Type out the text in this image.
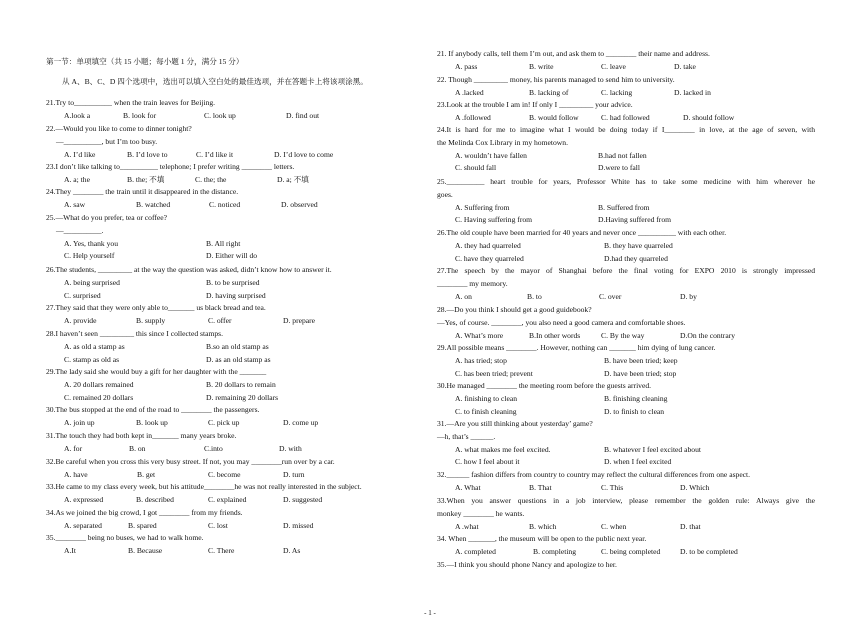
第一节：单项填空（共 15 小题；每小题 1 分，满分 15 分）
从 A、B、C、D 四个选项中，选出可以填入空白处的最佳选项，并在答题卡上将该项涂黑。
21.Try to__________ when the train leaves for Beijing.
A.look a	B. look for	C. look up	D. find out
22.—Would you like to come to dinner tonight?
—__________, but I’m too busy.
A. I’d like	B. I’d love to	C. I’d like it	D. I’d love to come
23.I don’t like talking to__________ telephone; I prefer writing ________ letters.
A. a; the	B. the; 不填	C. the; the	D. a; 不填
24.They ________ the train until it disappeared in the distance.
A. saw	B. watched	C. noticed	D. observed
25.—What do you prefer, tea or coffee?
—__________.
A. Yes, thank you	B. All right
C. Help yourself	D. Either will do
26.The students, _________ at the way the question was asked, didn’t know how to answer it.
A. being surprised	B. to be surprised
C. surprised	D. having surprised
27.They said that they were only able to_______ us black bread and tea.
A. provide	B. supply	C. offer	D. prepare
28.I haven’t seen _________ this since I collected stamps.
A. as old a stamp as	B.so an old stamp as
C. stamp as old as	D. as an old stamp as
29.The lady said she would buy a gift for her daughter with the _______
A. 20 dollars remained	B. 20 dollars to remain
C. remained 20 dollars	D. remaining 20 dollars
30.The bus stopped at the end of the road to ________ the passengers.
A. join up	B. look up	C. pick up	D. come up
31.The touch they had both kept in_______ many years broke.
A. for	B. on	C.into	D. with
32.Be careful when you cross this very busy street. If not, you may ________run over by a car.
A. have	B. get	C. become	D. turn
33.He came to my class every week, but his attitude________he was not really interested in the subject.
A. expressed	B. described	C. explained	D. suggested
34.As we joined the big crowd, I got ________ from my friends.
A. separated	B. spared	C. lost	D. missed
35.________ being no buses, we had to walk home.
A.It	B. Because	C. There	D. As
21. If anybody calls, tell them I’m out, and ask them to ________ their name and address.
A. pass	B. write	C. leave	D. take
22. Though _________ money, his parents managed to send him to university.
A .lacked	B. lacking of	C. lacking	D. lacked in
23.Look at the trouble I am in! If only I _________ your advice.
A .followed	B. would follow	C. had followed	D. should follow
24.It is hard for me to imagine what I would be doing today if I________ in love, at the age of seven, with
the Melinda Cox Library in my hometown.
A. wouldn’t have fallen	B.had not fallen
C. should fall	D.were to fall
25.__________ heart trouble for years, Professor White has to take some medicine with him wherever he
goes.
A. Suffering from	B. Suffered from
C. Having suffering from	D.Having suffered from
26.The old couple have been married for 40 years and never once __________ with each other.
A. they had quarreled	B. they have quarreled
C. have they quarreled	D.had they quarreled
27.The speech by the mayor of Shanghai before the final voting for EXPO 2010 is strongly impressed
________ my memory.
A. on	B. to	C. over	D. by
28.—Do you think I should get a good guidebook?
—Yes, of course. ________, you also need a good camera and comfortable shoes.
A. What’s more	B.In other words	C. By the way	D.On the contrary
29.All possible means ________. However, nothing can _______ him dying of lung cancer.
A. has tried; stop	B. have been tried; keep
C. has been tried; prevent	D. have been tried; stop
30.He managed ________ the meeting room before the guests arrived.
A. finishing to clean	B. finishing cleaning
C. to finish cleaning	D. to finish to clean
31.—Are you still thinking about yesterday’ game?
—h, that’s ______.
A. what makes me feel excited.	B. whatever I feel excited about
C. how I feel about it	D. when I feel excited
32.______ fashion differs from country to country may reflect the cultural differences from one aspect.
A. What	B. That	C. This	D. Which
33.When you answer questions in a job interview, please remember the golden rule: Always give the
monkey ________ he wants.
A .what	B. which	C. when	D. that
34. When _______, the museum will be open to the public next year.
A. completed	B. completing	C. being completed	D. to be completed
35.—I think you should phone Nancy and apologize to her.
- 1 -
